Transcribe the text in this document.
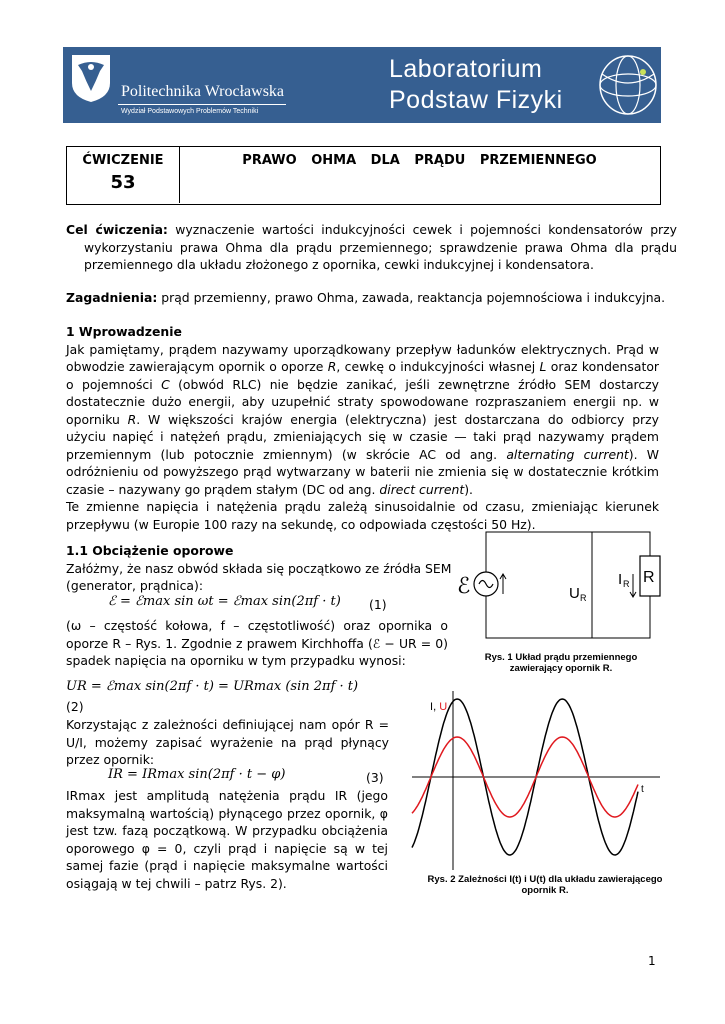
Politechnika Wrocławska
Wydział Podstawowych Problemów Techniki
Laboratorium
Podstaw Fizyki
ĆWICZENIE
53
PRAWO OHMA DLA PRĄDU PRZEMIENNEGO
Cel ćwiczenia: wyznaczenie wartości indukcyjności cewek i pojemności kondensatorów przy wykorzystaniu prawa Ohma dla prądu przemiennego; sprawdzenie prawa Ohma dla prądu przemiennego dla układu złożonego z opornika, cewki indukcyjnej i kondensatora.
Zagadnienia: prąd przemienny, prawo Ohma, zawada, reaktancja pojemnościowa i indukcyjna.
1 Wprowadzenie
Jak pamiętamy, prądem nazywamy uporządkowany przepływ ładunków elektrycznych. Prąd w obwodzie zawierającym opornik o oporze R, cewkę o indukcyjności własnej L oraz kondensator o pojemności C (obwód RLC) nie będzie zanikać, jeśli zewnętrzne źródło SEM dostarczy dostatecznie dużo energii, aby uzupełnić straty spowodowane rozpraszaniem energii np. w oporniku R. W większości krajów energia (elektryczna) jest dostarczana do odbiorcy przy użyciu napięć i natężeń prądu, zmieniających się w czasie — taki prąd nazywamy prądem przemiennym (lub potocznie zmiennym) (w skrócie AC od ang. alternating current). W odróżnieniu od powyższego prąd wytwarzany w baterii nie zmienia się w dostatecznie krótkim czasie – nazywany go prądem stałym (DC od ang. direct current).
Te zmienne napięcia i natężenia prądu zależą sinusoidalnie od czasu, zmieniając kierunek przepływu (w Europie 100 razy na sekundę, co odpowiada częstości 50 Hz).
1.1 Obciążenie oporowe
Załóżmy, że nasz obwód składa się początkowo ze źródła SEM (generator, prądnica):
ℰ = ℰmax sin ωt = ℰmax sin(2πf · t) (1)
(ω – częstość kołowa, f – częstotliwość) oraz opornika o oporze R – Rys. 1. Zgodnie z prawem Kirchhoffa (ℰ − UR = 0) spadek napięcia na oporniku w tym przypadku wynosi:
UR = ℰmax sin(2πf · t) = URmax (sin 2πf · t)
(2)
Korzystając z zależności definiującej nam opór R = U/I, możemy zapisać wyrażenie na prąd płynący przez opornik:
IR = IRmax sin(2πf · t − φ)	(3)
IRmax jest amplitudą natężenia prądu IR (jego maksymalną wartością) płynącego przez opornik, φ jest tzw. fazą początkową. W przypadku obciążenia oporowego φ = 0, czyli prąd i napięcie są w tej samej fazie (prąd i napięcie maksymalne wartości osiągają w tej chwili – patrz Rys. 2).
ℰ	U R
I R R
Rys. 1 Układ prądu przemiennego
zawierający opornik R.
I, U
t
Rys. 2 Zależności I(t) i U(t) dla układu zawierającego
opornik R.
1
